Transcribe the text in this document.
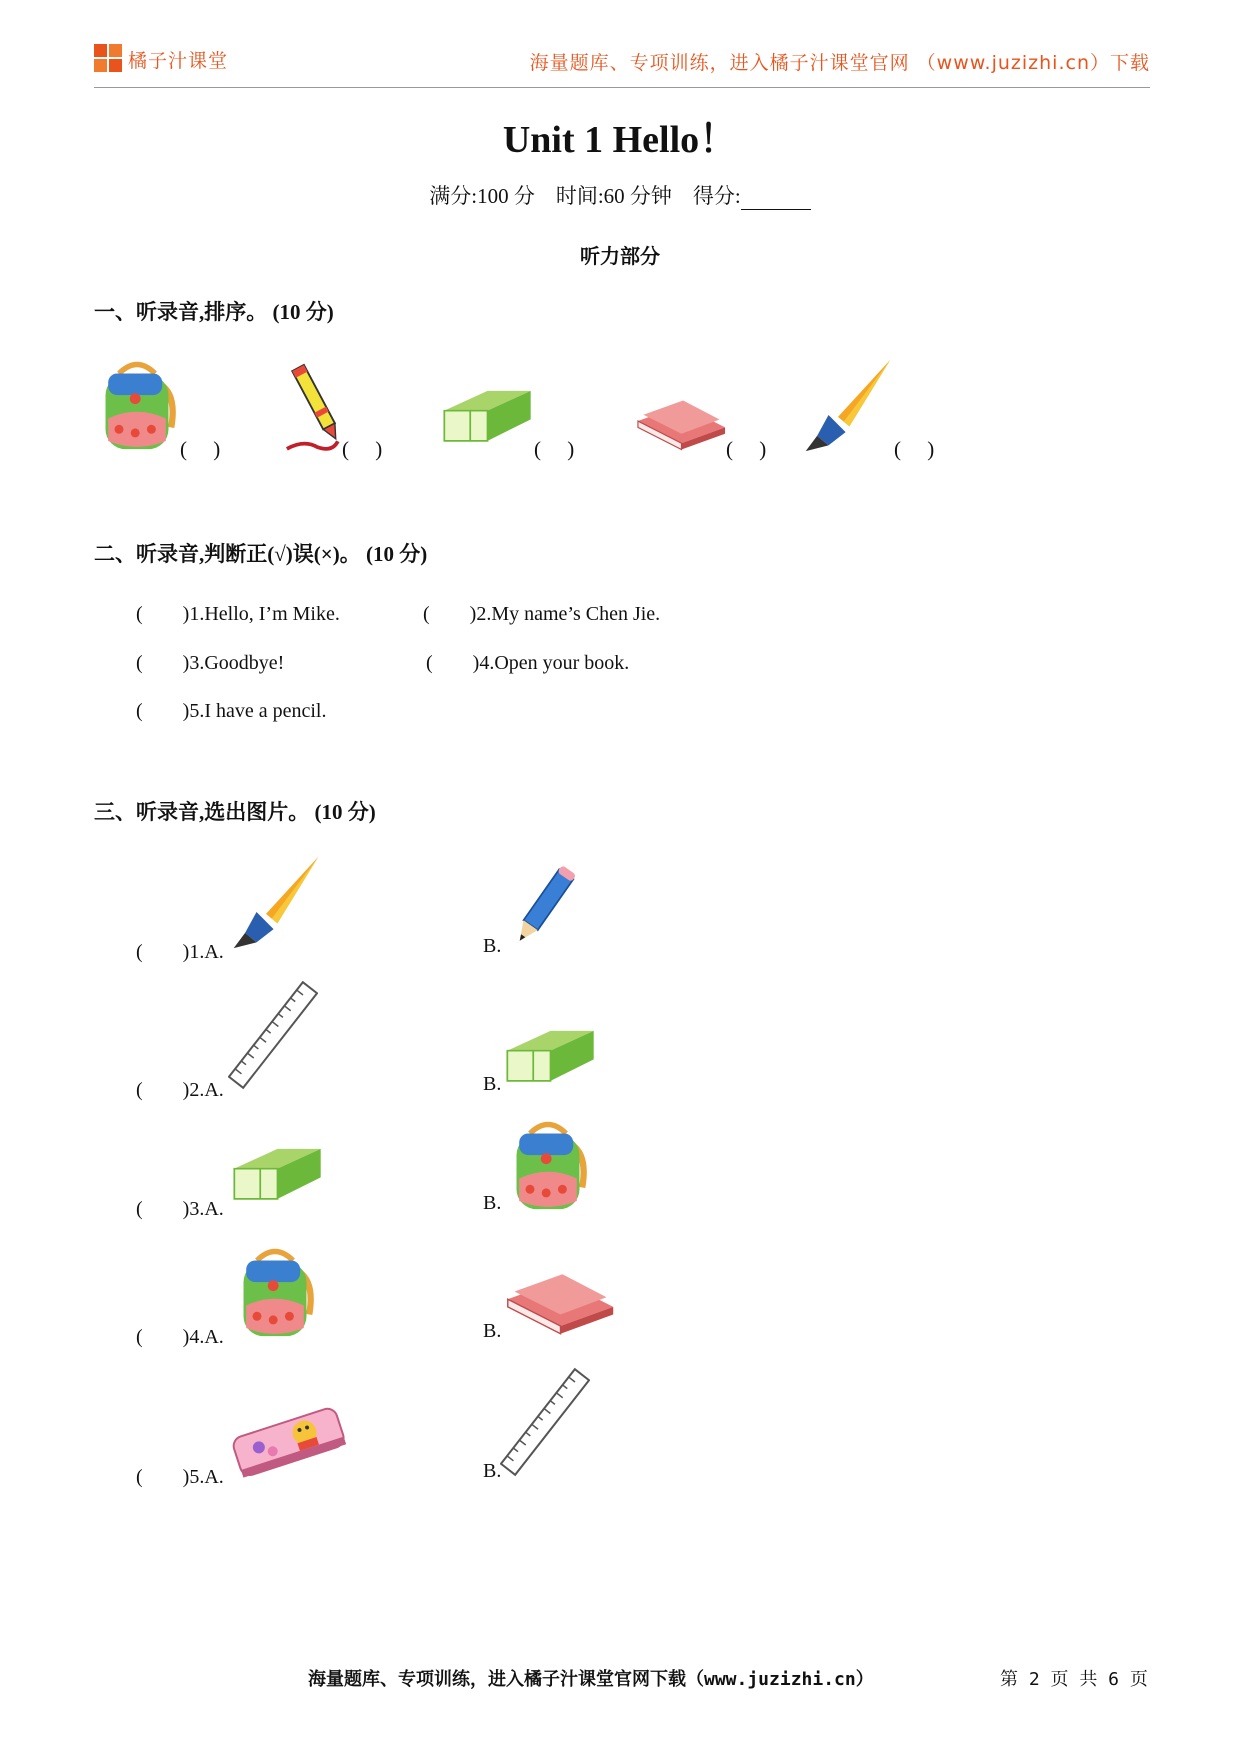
橘子汁课堂	海量题库、专项训练，进入橘子汁课堂官网 （www.juzizhi.cn）下载
Unit 1 Hello！
满分:100 分 时间:60 分钟 得分:
听力部分
一、听录音,排序。 (10 分)
(　 )	(　 )	(　 )	(　 )	(　 )
二、听录音,判断正(√)误(×)。 (10 分)
(　　)1.Hello, I’m Mike.	(　　)2.My name’s Chen Jie.
(　　)3.Goodbye!	(　　)4.Open your book.
(　　)5.I have a pencil.
三、听录音,选出图片。 (10 分)
(　　)1.A.	B.
(　　)2.A.	B.
(　　)3.A.	B.
(　　)4.A.	B.
(　　)5.A.	B.
海量题库、专项训练，进入橘子汁课堂官网下载（www.juzizhi.cn）	第 2 页 共 6 页
